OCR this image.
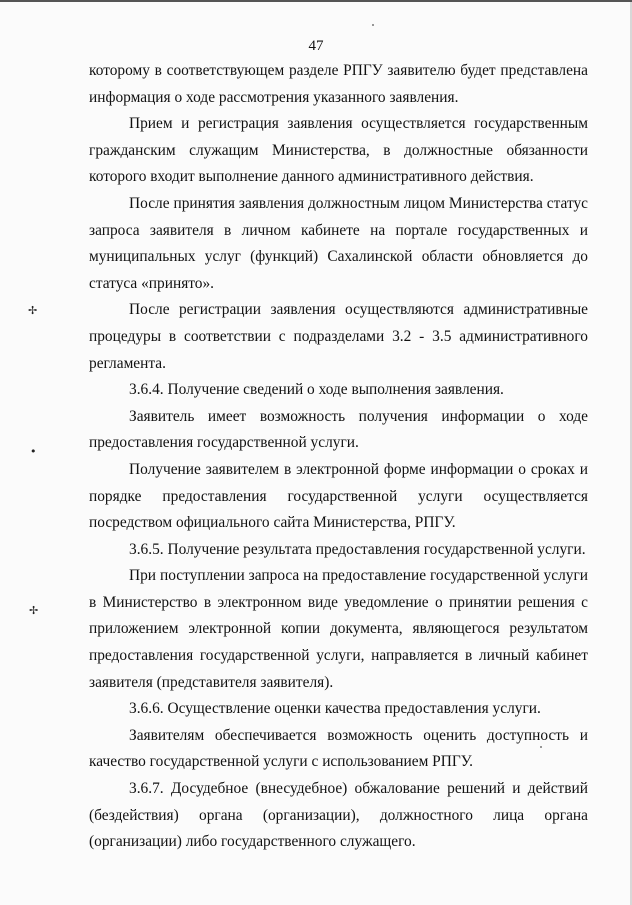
47

которому в соответствующем разделе РПГУ заявителю будет представлена информация о ходе рассмотрения указанного заявления.

Прием и регистрация заявления осуществляется государственным гражданским служащим Министерства, в должностные обязанности которого входит выполнение данного административного действия.

После принятия заявления должностным лицом Министерства статус запроса заявителя в личном кабинете на портале государственных и муниципальных услуг (функций) Сахалинской области обновляется до статуса «принято».

После регистрации заявления осуществляются административные процедуры в соответствии с подразделами 3.2 - 3.5 административного регламента.

3.6.4. Получение сведений о ходе выполнения заявления.

Заявитель имеет возможность получения информации о ходе предоставления государственной услуги.

Получение заявителем в электронной форме информации о сроках и порядке предоставления государственной услуги осуществляется посредством официального сайта Министерства, РПГУ.

3.6.5. Получение результата предоставления государственной услуги.

При поступлении запроса на предоставление государственной услуги в Министерство в электронном виде уведомление о принятии решения с приложением электронной копии документа, являющегося результатом предоставления государственной услуги, направляется в личный кабинет заявителя (представителя заявителя).

3.6.6. Осуществление оценки качества предоставления услуги.

Заявителям обеспечивается возможность оценить доступность и качество государственной услуги с использованием РПГУ.

3.6.7. Досудебное (внесудебное) обжалование решений и действий (бездействия) органа (организации), должностного лица органа (организации) либо государственного служащего.

✢
•
✢
